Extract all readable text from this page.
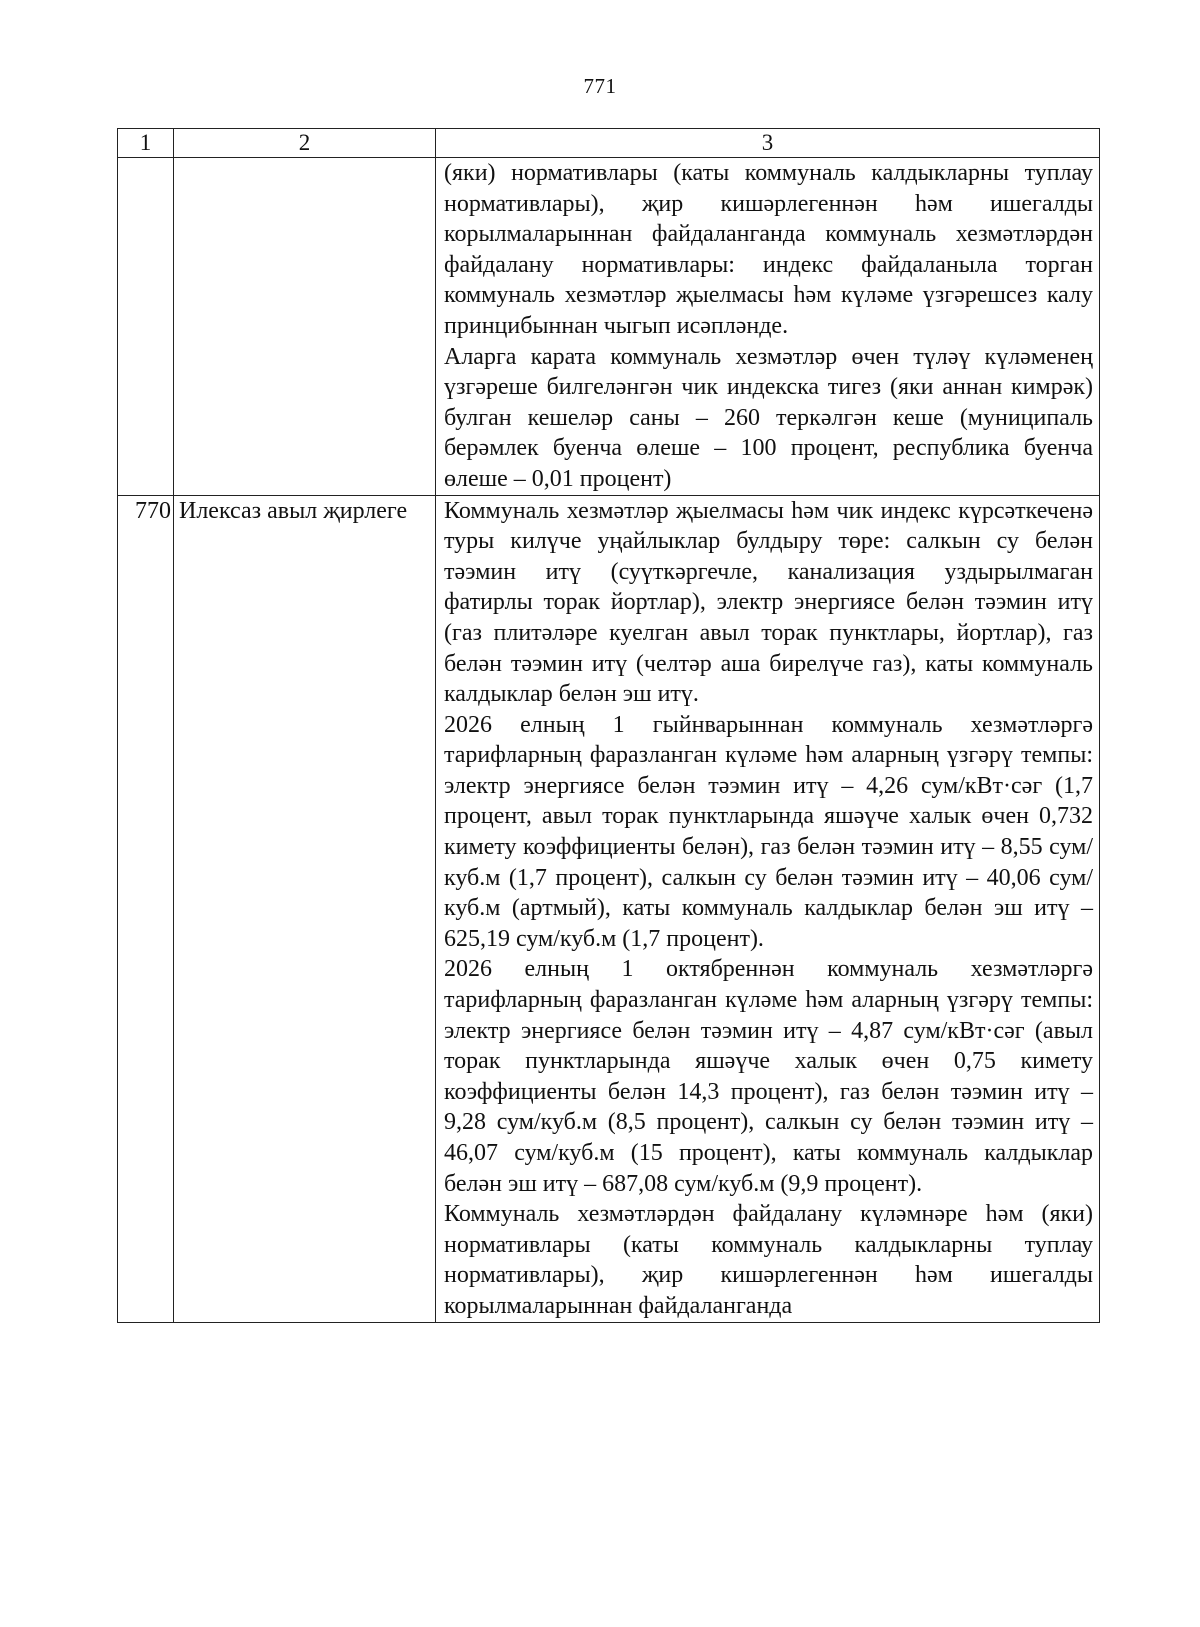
771
1	2	3

		(яки) нормативлары (каты коммуналь калдыкларны туплау нормативлары), җир кишәрлегеннән һәм ишегалды корылмаларыннан файдаланганда коммуналь хезмәтләрдән файдалану нормативлары: индекс файдаланыла торган коммуналь хезмәтләр җыелмасы һәм күләме үзгәрешсез калу принцибыннан чыгып исәпләнде.

Аларга карата коммуналь хезмәтләр өчен түләү күләменең үзгәреше билгеләнгән чик индекска тигез (яки аннан кимрәк) булган кешеләр саны – 260 теркәлгән кеше (муниципаль берәмлек буенча өлеше – 100 процент, республика буенча өлеше – 0,01 процент)

770	Илексаз авыл җирлеге	Коммуналь хезмәтләр җыелмасы һәм чик индекс күрсәткеченә туры килүче уңайлыклар булдыру төре: салкын су белән тәэмин итү (суүткәргечле, канализация уздырылмаган фатирлы торак йортлар), электр энергиясе белән тәэмин итү (газ плитәләре куелган авыл торак пунктлары, йортлар), газ белән тәэмин итү (челтәр аша бирелүче газ), каты коммуналь калдыклар белән эш итү.

2026 елның 1 гыйнварыннан коммуналь хезмәтләргә тарифларның фаразланган күләме һәм аларның үзгәрү темпы: электр энергиясе белән тәэмин итү – 4,26 сум/кВт·сәг (1,7 процент, авыл торак пунктларында яшәүче халык өчен 0,732 кимету коэффициенты белән), газ белән тәэмин итү – 8,55 сум/куб.м (1,7 процент), салкын су белән тәэмин итү – 40,06 сум/куб.м (артмый), каты коммуналь калдыклар белән эш итү – 625,19 сум/куб.м (1,7 процент).

2026 елның 1 октябреннән коммуналь хезмәтләргә тарифларның фаразланган күләме һәм аларның үзгәрү темпы: электр энергиясе белән тәэмин итү – 4,87 сум/кВт·сәг (авыл торак пунктларында яшәүче халык өчен 0,75 кимету коэффициенты белән 14,3 процент), газ белән тәэмин итү – 9,28 сум/куб.м (8,5 процент), салкын су белән тәэмин итү – 46,07 сум/куб.м (15 процент), каты коммуналь калдыклар белән эш итү – 687,08 сум/куб.м (9,9 процент).

Коммуналь хезмәтләрдән файдалану күләмнәре һәм (яки) нормативлары (каты коммуналь калдыкларны туплау нормативлары), җир кишәрлегеннән һәм ишегалды корылмаларыннан файдаланганда
